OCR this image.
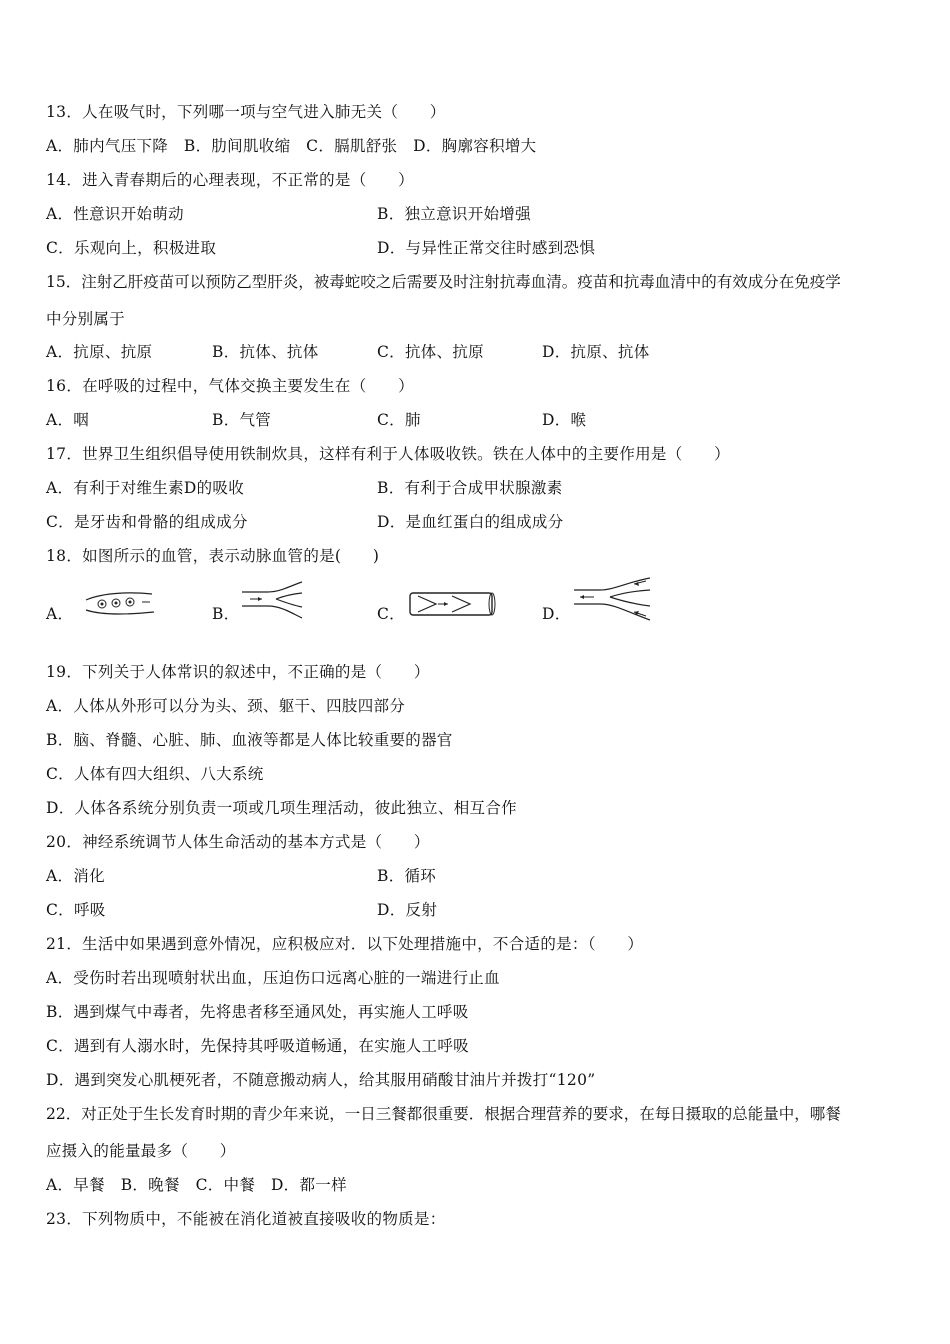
13．人在吸气时，下列哪一项与空气进入肺无关（　　）
A．肺内气压下降　B．肋间肌收缩　C．膈肌舒张　D．胸廓容积增大
14．进入青春期后的心理表现，不正常的是（　　）
A．性意识开始萌动	B．独立意识开始增强
C．乐观向上，积极进取	D．与异性正常交往时感到恐惧
15．注射乙肝疫苗可以预防乙型肝炎，被毒蛇咬之后需要及时注射抗毒血清。疫苗和抗毒血清中的有效成分在免疫学
中分别属于
A．抗原、抗原	B．抗体、抗体	C．抗体、抗原	D．抗原、抗体
16．在呼吸的过程中，气体交换主要发生在（　　）
A．咽	B．气管	C．肺	D．喉
17．世界卫生组织倡导使用铁制炊具，这样有利于人体吸收铁。铁在人体中的主要作用是（　　）
A．有利于对维生素D的吸收	B．有利于合成甲状腺激素
C．是牙齿和骨骼的组成成分	D．是血红蛋白的组成成分
18．如图所示的血管，表示动脉血管的是(　　)
A．	B．	C．	D．
19．下列关于人体常识的叙述中，不正确的是（　　）
A．人体从外形可以分为头、颈、躯干、四肢四部分
B．脑、脊髓、心脏、肺、血液等都是人体比较重要的器官
C．人体有四大组织、八大系统
D．人体各系统分别负责一项或几项生理活动，彼此独立、相互合作
20．神经系统调节人体生命活动的基本方式是（　　）
A．消化	B．循环
C．呼吸	D．反射
21．生活中如果遇到意外情况，应积极应对．以下处理措施中，不合适的是：（　　）
A．受伤时若出现喷射状出血，压迫伤口远离心脏的一端进行止血
B．遇到煤气中毒者，先将患者移至通风处，再实施人工呼吸
C．遇到有人溺水时，先保持其呼吸道畅通，在实施人工呼吸
D．遇到突发心肌梗死者，不随意搬动病人，给其服用硝酸甘油片并拨打“120”
22．对正处于生长发育时期的青少年来说，一日三餐都很重要．根据合理营养的要求，在每日摄取的总能量中，哪餐
应摄入的能量最多（　　）
A．早餐　B．晚餐　C．中餐　D．都一样
23．下列物质中，不能被在消化道被直接吸收的物质是：
